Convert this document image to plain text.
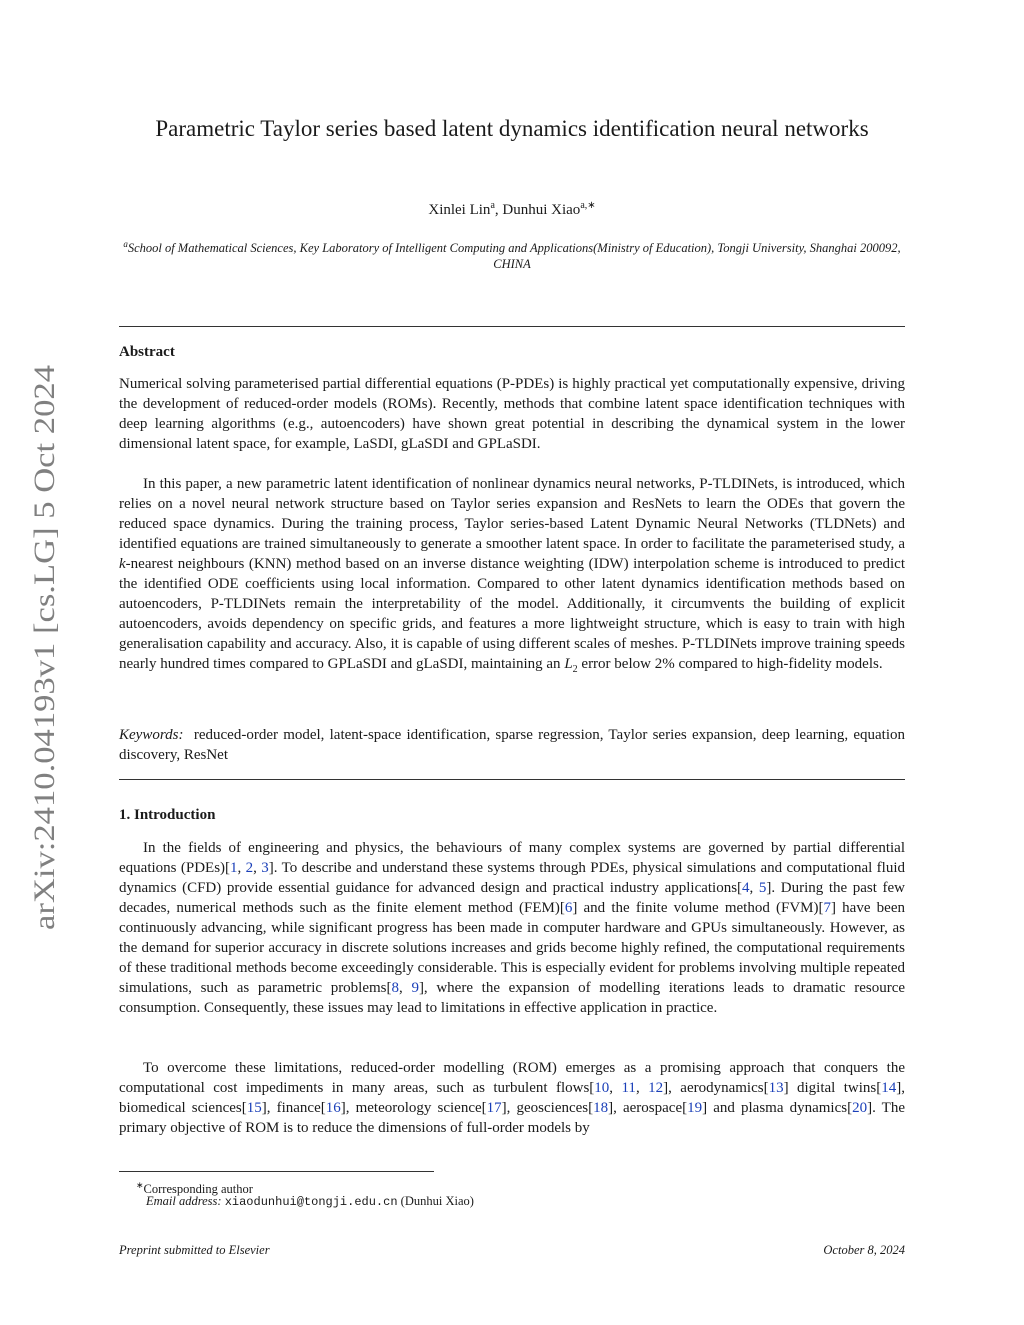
arXiv:2410.04193v1 [cs.LG] 5 Oct 2024
Parametric Taylor series based latent dynamics identification neural networks
Xinlei Lin$^a$, Dunhui Xiao$^{a,∗}$
$^a$School of Mathematical Sciences, Key Laboratory of Intelligent Computing and Applications(Ministry of Education), Tongji University, Shanghai 200092, CHINA
Abstract
Numerical solving parameterised partial differential equations (P-PDEs) is highly practical yet computationally expensive, driving the development of reduced-order models (ROMs). Recently, methods that combine latent space identification techniques with deep learning algorithms (e.g., autoencoders) have shown great potential in describing the dynamical system in the lower dimensional latent space, for example, LaSDI, gLaSDI and GPLaSDI.
In this paper, a new parametric latent identification of nonlinear dynamics neural networks, P-TLDINets, is introduced, which relies on a novel neural network structure based on Taylor series expansion and ResNets to learn the ODEs that govern the reduced space dynamics. During the training process, Taylor series-based Latent Dynamic Neural Networks (TLDNets) and identified equations are trained simultaneously to generate a smoother latent space. In order to facilitate the parameterised study, a k-nearest neighbours (KNN) method based on an inverse distance weighting (IDW) interpolation scheme is introduced to predict the identified ODE coefficients using local information. Compared to other latent dynamics identification methods based on autoencoders, P-TLDINets remain the interpretability of the model. Additionally, it circumvents the building of explicit autoencoders, avoids dependency on specific grids, and features a more lightweight structure, which is easy to train with high generalisation capability and accuracy. Also, it is capable of using different scales of meshes. P-TLDINets improve training speeds nearly hundred times compared to GPLaSDI and gLaSDI, maintaining an $L_2$ error below 2% compared to high-fidelity models.
Keywords: reduced-order model, latent-space identification, sparse regression, Taylor series expansion, deep learning, equation discovery, ResNet
1. Introduction
In the fields of engineering and physics, the behaviours of many complex systems are governed by partial differential equations (PDEs)[1, 2, 3]. To describe and understand these systems through PDEs, physical simulations and computational fluid dynamics (CFD) provide essential guidance for advanced design and practical industry applications[4, 5]. During the past few decades, numerical methods such as the finite element method (FEM)[6] and the finite volume method (FVM)[7] have been continuously advancing, while significant progress has been made in computer hardware and GPUs simultaneously. However, as the demand for superior accuracy in discrete solutions increases and grids become highly refined, the computational requirements of these traditional methods become exceedingly considerable. This is especially evident for problems involving multiple repeated simulations, such as parametric problems[8, 9], where the expansion of modelling iterations leads to dramatic resource consumption. Consequently, these issues may lead to limitations in effective application in practice.
To overcome these limitations, reduced-order modelling (ROM) emerges as a promising approach that conquers the computational cost impediments in many areas, such as turbulent flows[10, 11, 12], aerodynamics[13] digital twins[14], biomedical sciences[15], finance[16], meteorology science[17], geosciences[18], aerospace[19] and plasma dynamics[20]. The primary objective of ROM is to reduce the dimensions of full-order models by
∗Corresponding author
Email address: xiaodunhui@tongji.edu.cn (Dunhui Xiao)
Preprint submitted to Elsevier	October 8, 2024
